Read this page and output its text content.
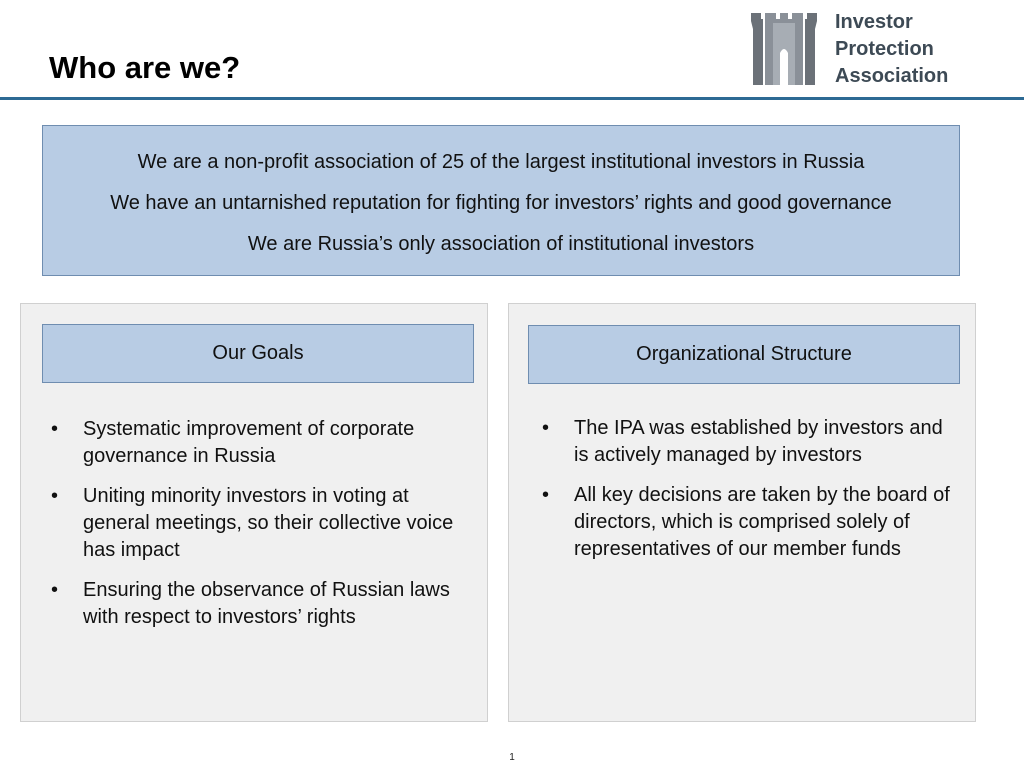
Who are we?
Investor
Protection
Association

We are a non-profit association of 25 of the largest institutional investors in Russia

We have an untarnished reputation for fighting for investors’ rights and good governance

We are Russia’s only association of institutional investors

Our Goals
• Systematic improvement of corporate governance in Russia
• Uniting minority investors in voting at general meetings, so their collective voice has impact
• Ensuring the observance of Russian laws with respect to investors’ rights
Organizational Structure
• The IPA was established by investors and is actively managed by investors
• All key decisions are taken by the board of directors, which is comprised solely of representatives of our member funds
1
